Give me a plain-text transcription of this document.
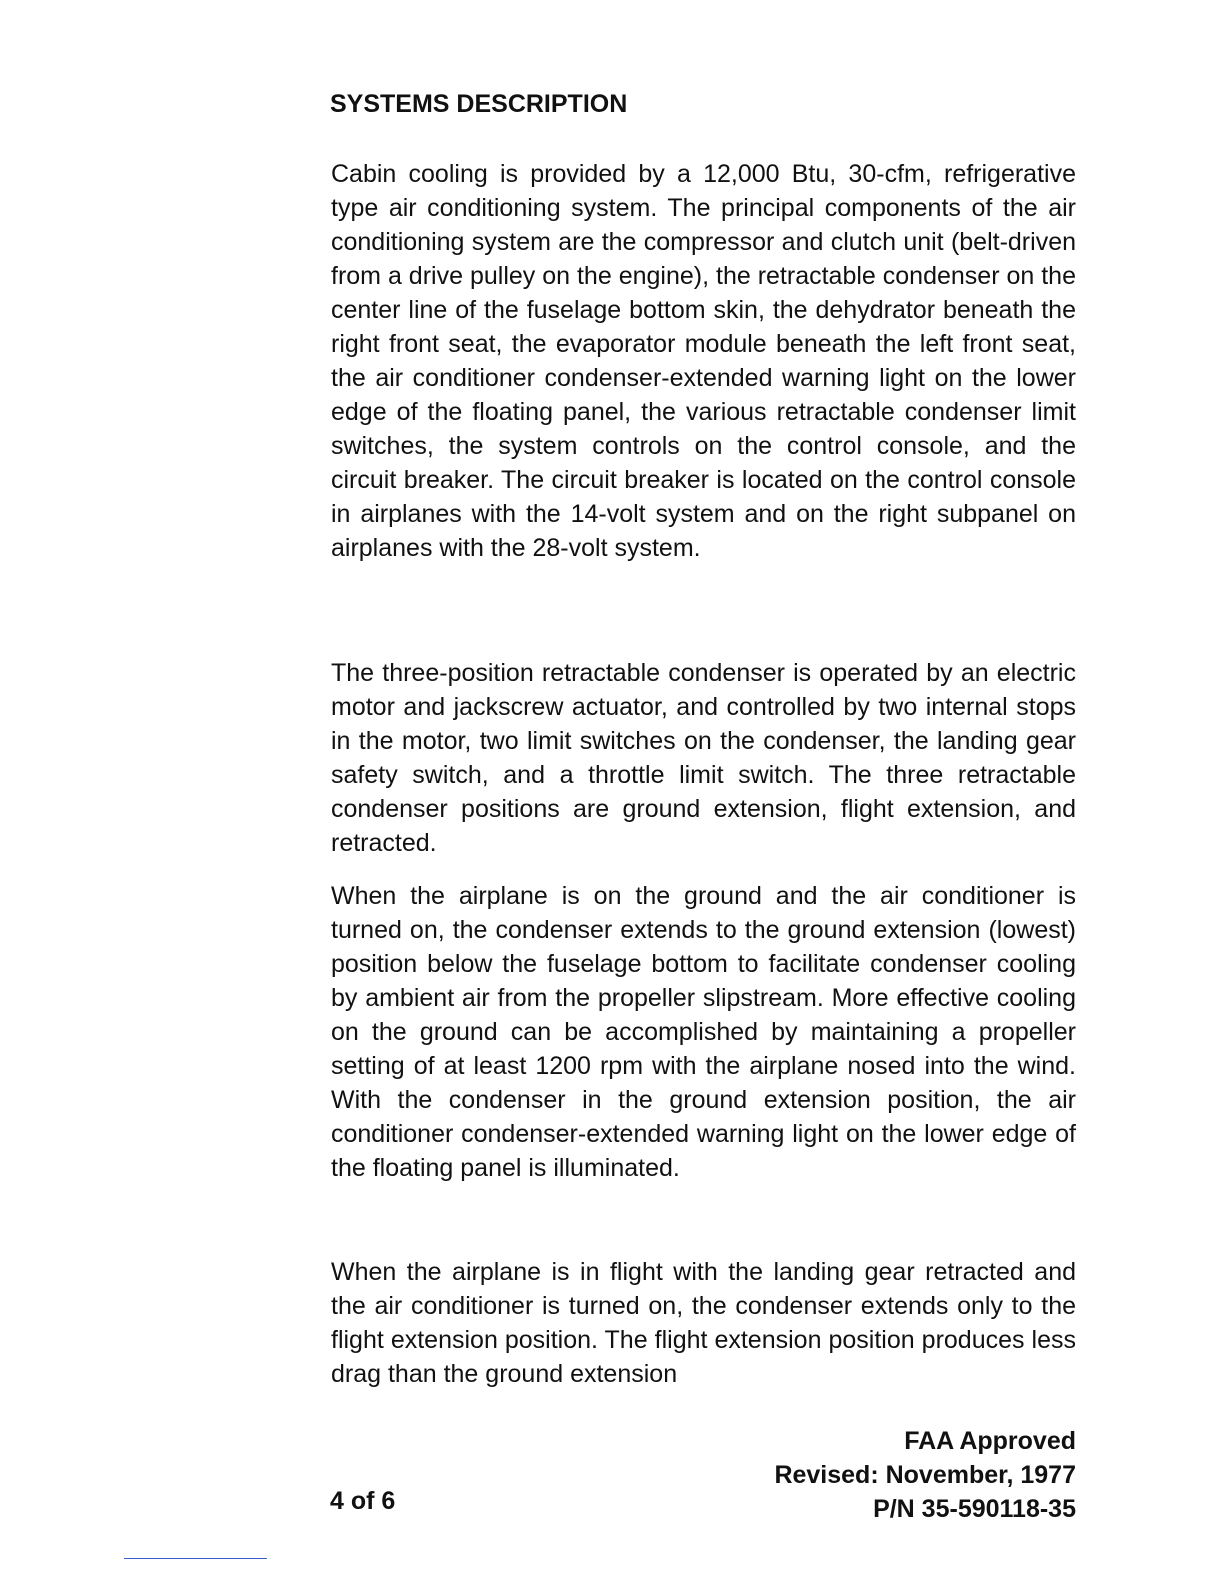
SYSTEMS DESCRIPTION

Cabin cooling is provided by a 12,000 Btu, 30-cfm, refrigerative type air conditioning system. The principal components of the air conditioning system are the compressor and clutch unit (belt-driven from a drive pulley on the engine), the retractable condenser on the center line of the fuselage bottom skin, the dehydrator beneath the right front seat, the evaporator module beneath the left front seat, the air conditioner condenser-extended warning light on the lower edge of the floating panel, the various retractable condenser limit switches, the system controls on the control console, and the circuit breaker. The circuit breaker is located on the control console in airplanes with the 14-volt system and on the right subpanel on airplanes with the 28-volt system.

The three-position retractable condenser is operated by an electric motor and jackscrew actuator, and controlled by two internal stops in the motor, two limit switches on the condenser, the landing gear safety switch, and a throttle limit switch. The three retractable condenser positions are ground extension, flight extension, and retracted.

When the airplane is on the ground and the air conditioner is turned on, the condenser extends to the ground extension (lowest) position below the fuselage bottom to facilitate condenser cooling by ambient air from the propeller slipstream. More effective cooling on the ground can be accomplished by maintaining a propeller setting of at least 1200 rpm with the airplane nosed into the wind. With the condenser in the ground extension position, the air conditioner condenser-extended warning light on the lower edge of the floating panel is illuminated.

When the airplane is in flight with the landing gear retracted and the air conditioner is turned on, the condenser extends only to the flight extension position. The flight extension position produces less drag than the ground extension

FAA Approved
Revised: November, 1977
P/N 35-590118-35
4 of 6
